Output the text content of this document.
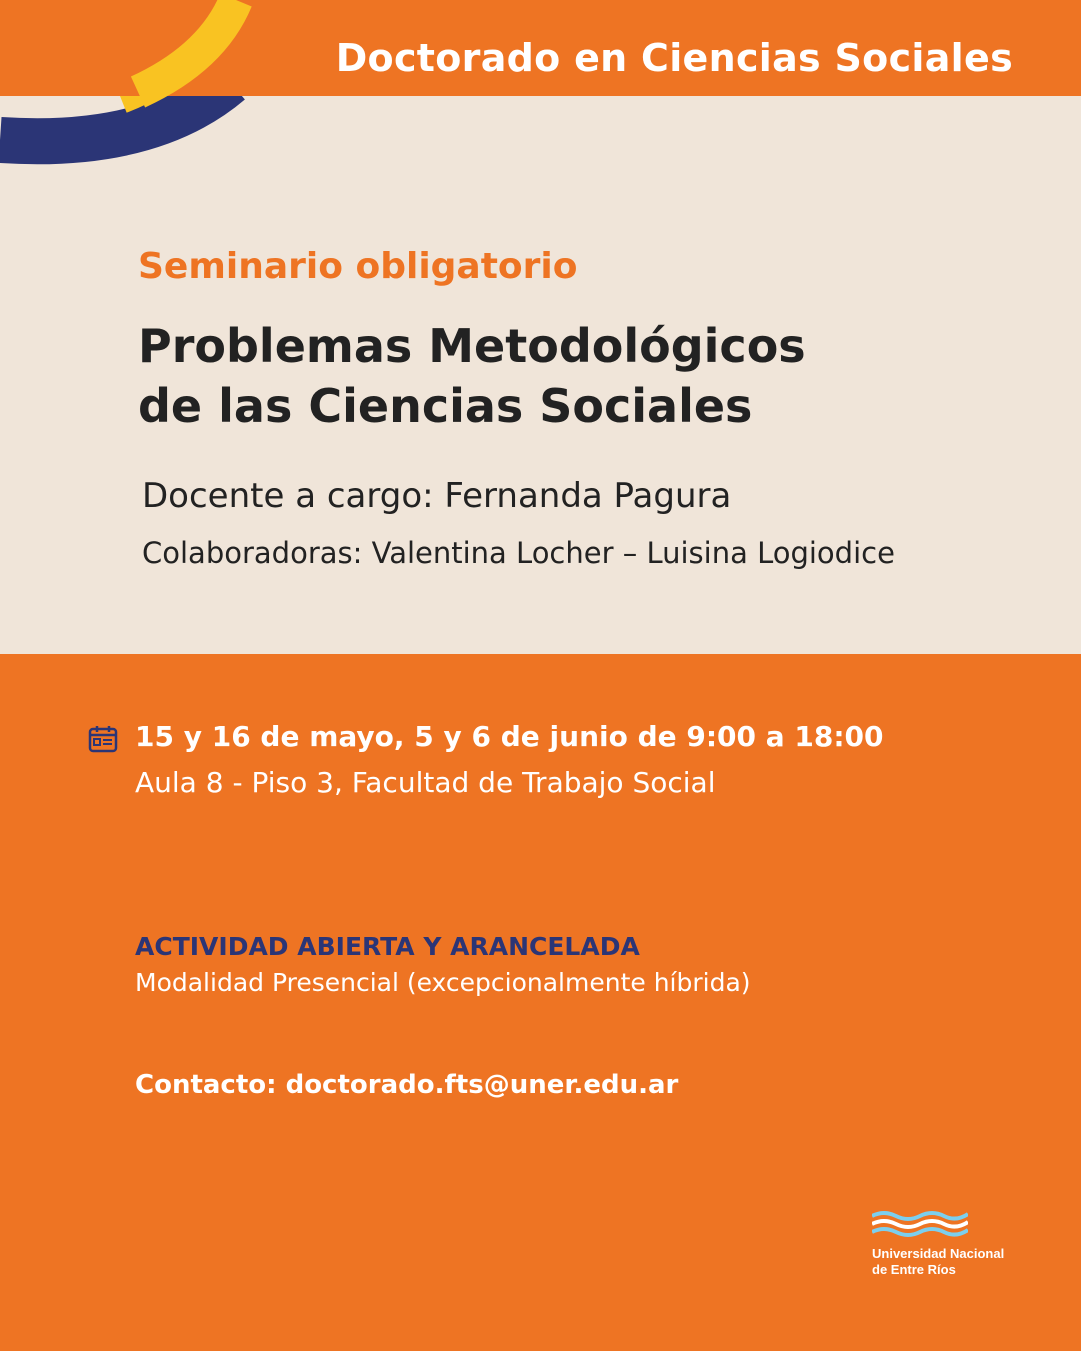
Doctorado en Ciencias Sociales
Seminario obligatorio
Problemas Metodológicos
de las Ciencias Sociales
Docente a cargo: Fernanda Pagura
Colaboradoras: Valentina Locher – Luisina Logiodice
15 y 16 de mayo, 5 y 6 de junio de 9:00 a 18:00
Aula 8 - Piso 3, Facultad de Trabajo Social
ACTIVIDAD ABIERTA Y ARANCELADA
Modalidad Presencial (excepcionalmente híbrida)
Contacto: doctorado.fts@uner.edu.ar
Universidad Nacional
de Entre Ríos
